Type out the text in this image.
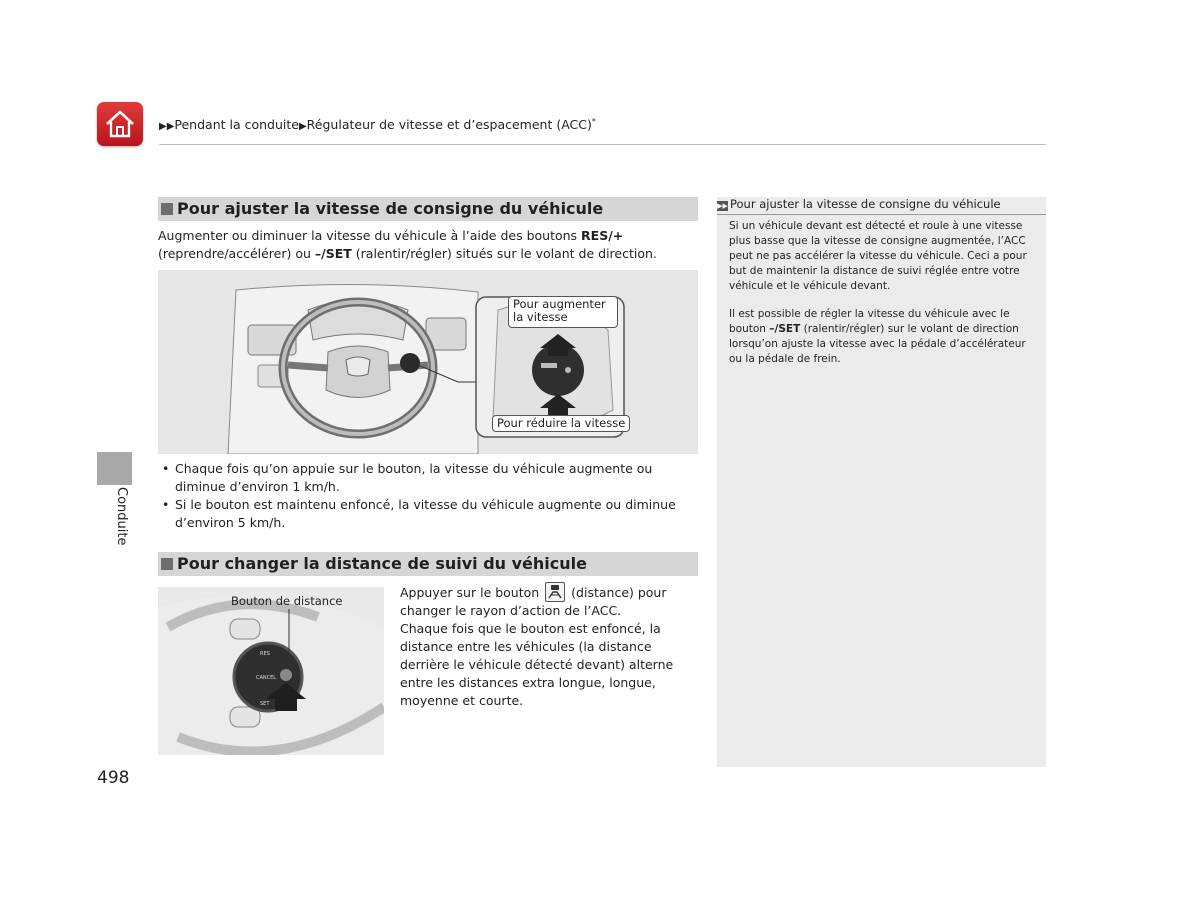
▶▶Pendant la conduite▶Régulateur de vitesse et d’espacement (ACC)*
Conduite
Pour ajuster la vitesse de consigne du véhicule
Augmenter ou diminuer la vitesse du véhicule à l’aide des boutons RES/+ (reprendre/accélérer) ou –/SET (ralentir/régler) situés sur le volant de direction.
Pour augmenter la vitesse
Pour réduire la vitesse
• Chaque fois qu’on appuie sur le bouton, la vitesse du véhicule augmente ou diminue d’environ 1 km/h.
• Si le bouton est maintenu enfoncé, la vitesse du véhicule augmente ou diminue d’environ 5 km/h.
Pour changer la distance de suivi du véhicule
RES
CANCEL
SET
Bouton de distance
Appuyer sur le bouton  (distance) pour changer le rayon d’action de l’ACC.
Chaque fois que le bouton est enfoncé, la distance entre les véhicules (la distance derrière le véhicule détecté devant) alterne entre les distances extra longue, longue, moyenne et courte.
▶▶ Pour ajuster la vitesse de consigne du véhicule
Si un véhicule devant est détecté et roule à une vitesse plus basse que la vitesse de consigne augmentée, l’ACC peut ne pas accélérer la vitesse du véhicule. Ceci a pour but de maintenir la distance de suivi réglée entre votre véhicule et le véhicule devant.
Il est possible de régler la vitesse du véhicule avec le bouton –/SET (ralentir/régler) sur le volant de direction lorsqu’on ajuste la vitesse avec la pédale d’accélérateur ou la pédale de frein.
498
